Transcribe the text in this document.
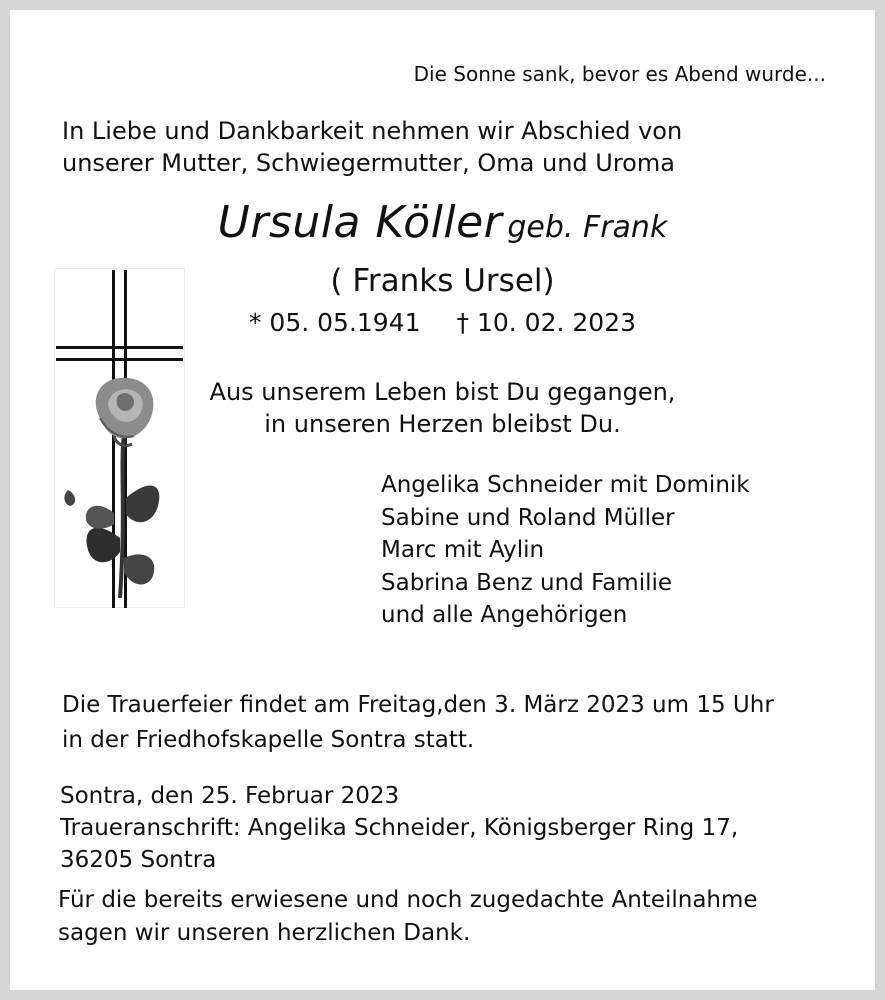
Die Sonne sank, bevor es Abend wurde...
In Liebe und Dankbarkeit nehmen wir Abschied von
unserer Mutter, Schwiegermutter, Oma und Uroma
Ursula Köller geb. Frank
( Franks Ursel)
* 05. 05.1941 † 10. 02. 2023
Aus unserem Leben bist Du gegangen,
in unseren Herzen bleibst Du.
Angelika Schneider mit Dominik
Sabine und Roland Müller
Marc mit Aylin
Sabrina Benz und Familie
und alle Angehörigen
Die Trauerfeier findet am Freitag,den 3. März 2023 um 15 Uhr
in der Friedhofskapelle Sontra statt.
Sontra, den 25. Februar 2023
Traueranschrift: Angelika Schneider, Königsberger Ring 17,
36205 Sontra
Für die bereits erwiesene und noch zugedachte Anteilnahme
sagen wir unseren herzlichen Dank.
